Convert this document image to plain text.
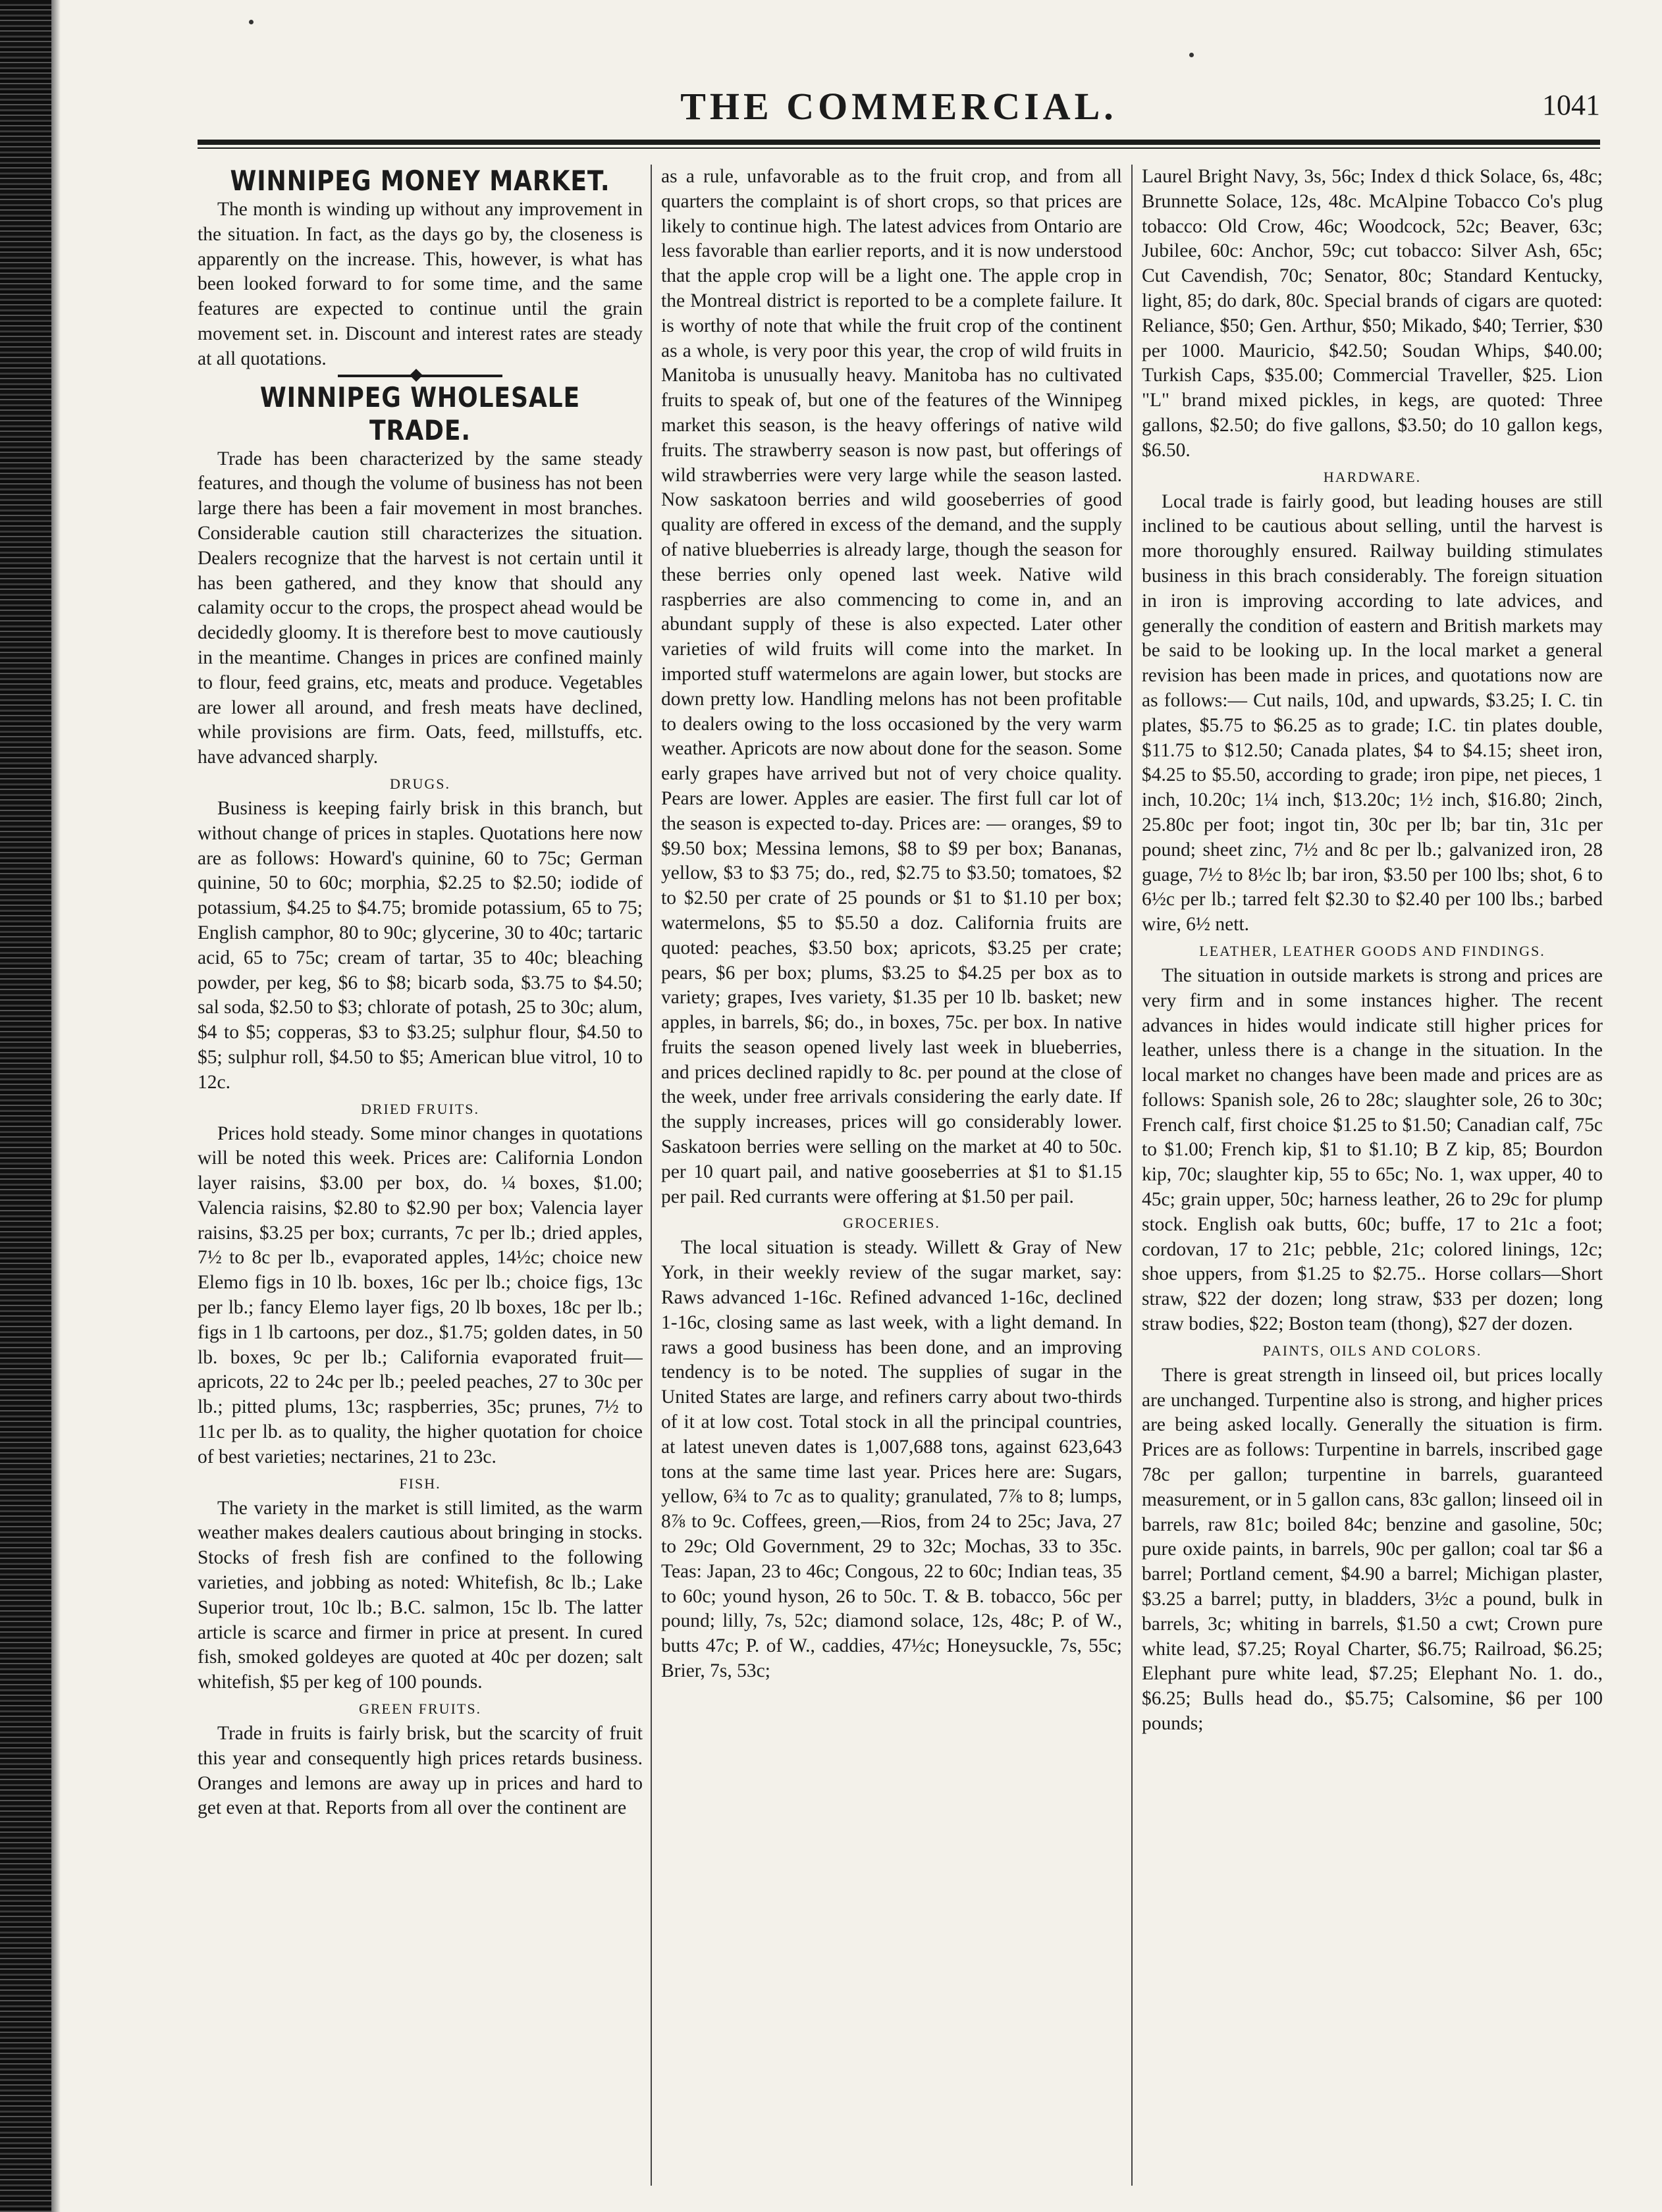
THE COMMERCIAL.	1041
WINNIPEG MONEY MARKET.

The month is winding up without any improvement in the situation. In fact, as the days go by, the closeness is apparently on the increase. This, however, is what has been looked forward to for some time, and the same features are expected to continue until the grain movement set. in. Discount and interest rates are steady at all quotations.

WINNIPEG WHOLESALE TRADE.

Trade has been characterized by the same steady features, and though the volume of business has not been large there has been a fair movement in most branches. Considerable caution still characterizes the situation. Dealers recognize that the harvest is not certain until it has been gathered, and they know that should any calamity occur to the crops, the prospect ahead would be decidedly gloomy. It is therefore best to move cautiously in the meantime. Changes in prices are confined mainly to flour, feed grains, etc, meats and produce. Vegetables are lower all around, and fresh meats have declined, while provisions are firm. Oats, feed, millstuffs, etc. have advanced sharply.

DRUGS.

Business is keeping fairly brisk in this branch, but without change of prices in staples. Quotations here now are as follows: Howard's quinine, 60 to 75c; German quinine, 50 to 60c; morphia, $2.25 to $2.50; iodide of potassium, $4.25 to $4.75; bromide potassium, 65 to 75; English camphor, 80 to 90c; glycerine, 30 to 40c; tartaric acid, 65 to 75c; cream of tartar, 35 to 40c; bleaching powder, per keg, $6 to $8; bicarb soda, $3.75 to $4.50; sal soda, $2.50 to $3; chlorate of potash, 25 to 30c; alum, $4 to $5; copperas, $3 to $3.25; sulphur flour, $4.50 to $5; sulphur roll, $4.50 to $5; American blue vitrol, 10 to 12c.

DRIED FRUITS.

Prices hold steady. Some minor changes in quotations will be noted this week. Prices are: California London layer raisins, $3.00 per box, do. ¼ boxes, $1.00; Valencia raisins, $2.80 to $2.90 per box; Valencia layer raisins, $3.25 per box; currants, 7c per lb.; dried apples, 7½ to 8c per lb., evaporated apples, 14½c; choice new Elemo figs in 10 lb. boxes, 16c per lb.; choice figs, 13c per lb.; fancy Elemo layer figs, 20 lb boxes, 18c per lb.; figs in 1 lb cartoons, per doz., $1.75; golden dates, in 50 lb. boxes, 9c per lb.; California evaporated fruit—apricots, 22 to 24c per lb.; peeled peaches, 27 to 30c per lb.; pitted plums, 13c; raspberries, 35c; prunes, 7½ to 11c per lb. as to quality, the higher quotation for choice of best varieties; nectarines, 21 to 23c.

FISH.

The variety in the market is still limited, as the warm weather makes dealers cautious about bringing in stocks. Stocks of fresh fish are confined to the following varieties, and jobbing as noted: Whitefish, 8c lb.; Lake Superior trout, 10c lb.; B.C. salmon, 15c lb. The latter article is scarce and firmer in price at present. In cured fish, smoked goldeyes are quoted at 40c per dozen; salt whitefish, $5 per keg of 100 pounds.

GREEN FRUITS.

Trade in fruits is fairly brisk, but the scarcity of fruit this year and consequently high prices retards business. Oranges and lemons are away up in prices and hard to get even at that. Reports from all over the continent are

as a rule, unfavorable as to the fruit crop, and from all quarters the complaint is of short crops, so that prices are likely to continue high. The latest advices from Ontario are less favorable than earlier reports, and it is now understood that the apple crop will be a light one. The apple crop in the Montreal district is reported to be a complete failure. It is worthy of note that while the fruit crop of the continent as a whole, is very poor this year, the crop of wild fruits in Manitoba is unusually heavy. Manitoba has no cultivated fruits to speak of, but one of the features of the Winnipeg market this season, is the heavy offerings of native wild fruits. The strawberry season is now past, but offerings of wild strawberries were very large while the season lasted. Now saskatoon berries and wild gooseberries of good quality are offered in excess of the demand, and the supply of native blueberries is already large, though the season for these berries only opened last week. Native wild raspberries are also commencing to come in, and an abundant supply of these is also expected. Later other varieties of wild fruits will come into the market. In imported stuff watermelons are again lower, but stocks are down pretty low. Handling melons has not been profitable to dealers owing to the loss occasioned by the very warm weather. Apricots are now about done for the season. Some early grapes have arrived but not of very choice quality. Pears are lower. Apples are easier. The first full car lot of the season is expected to-day. Prices are: — oranges, $9 to $9.50 box; Messina lemons, $8 to $9 per box; Bananas, yellow, $3 to $3 75; do., red, $2.75 to $3.50; tomatoes, $2 to $2.50 per crate of 25 pounds or $1 to $1.10 per box; watermelons, $5 to $5.50 a doz. California fruits are quoted: peaches, $3.50 box; apricots, $3.25 per crate; pears, $6 per box; plums, $3.25 to $4.25 per box as to variety; grapes, Ives variety, $1.35 per 10 lb. basket; new apples, in barrels, $6; do., in boxes, 75c. per box. In native fruits the season opened lively last week in blueberries, and prices declined rapidly to 8c. per pound at the close of the week, under free arrivals considering the early date. If the supply increases, prices will go considerably lower. Saskatoon berries were selling on the market at 40 to 50c. per 10 quart pail, and native gooseberries at $1 to $1.15 per pail. Red currants were offering at $1.50 per pail.

GROCERIES.

The local situation is steady. Willett & Gray of New York, in their weekly review of the sugar market, say: Raws advanced 1-16c. Refined advanced 1-16c, declined 1-16c, closing same as last week, with a light demand. In raws a good business has been done, and an improving tendency is to be noted. The supplies of sugar in the United States are large, and refiners carry about two-thirds of it at low cost. Total stock in all the principal countries, at latest uneven dates is 1,007,688 tons, against 623,643 tons at the same time last year. Prices here are: Sugars, yellow, 6¾ to 7c as to quality; granulated, 7⅞ to 8; lumps, 8⅞ to 9c. Coffees, green,—Rios, from 24 to 25c; Java, 27 to 29c; Old Government, 29 to 32c; Mochas, 33 to 35c. Teas: Japan, 23 to 46c; Congous, 22 to 60c; Indian teas, 35 to 60c; yound hyson, 26 to 50c. T. & B. tobacco, 56c per pound; lilly, 7s, 52c; diamond solace, 12s, 48c; P. of W., butts 47c; P. of W., caddies, 47½c; Honeysuckle, 7s, 55c; Brier, 7s, 53c;

Laurel Bright Navy, 3s, 56c; Index d thick Solace, 6s, 48c; Brunnette Solace, 12s, 48c. McAlpine Tobacco Co's plug tobacco: Old Crow, 46c; Woodcock, 52c; Beaver, 63c; Jubilee, 60c: Anchor, 59c; cut tobacco: Silver Ash, 65c; Cut Cavendish, 70c; Senator, 80c; Standard Kentucky, light, 85; do dark, 80c. Special brands of cigars are quoted: Reliance, $50; Gen. Arthur, $50; Mikado, $40; Terrier, $30 per 1000. Mauricio, $42.50; Soudan Whips, $40.00; Turkish Caps, $35.00; Commercial Traveller, $25. Lion "L" brand mixed pickles, in kegs, are quoted: Three gallons, $2.50; do five gallons, $3.50; do 10 gallon kegs, $6.50.

HARDWARE.

Local trade is fairly good, but leading houses are still inclined to be cautious about selling, until the harvest is more thoroughly ensured. Railway building stimulates business in this brach considerably. The foreign situation in iron is improving according to late advices, and generally the condition of eastern and British markets may be said to be looking up. In the local market a general revision has been made in prices, and quotations now are as follows:— Cut nails, 10d, and upwards, $3.25; I. C. tin plates, $5.75 to $6.25 as to grade; I.C. tin plates double, $11.75 to $12.50; Canada plates, $4 to $4.15; sheet iron, $4.25 to $5.50, according to grade; iron pipe, net pieces, 1 inch, 10.20c; 1¼ inch, $13.20c; 1½ inch, $16.80; 2inch, 25.80c per foot; ingot tin, 30c per lb; bar tin, 31c per pound; sheet zinc, 7½ and 8c per lb.; galvanized iron, 28 guage, 7½ to 8½c lb; bar iron, $3.50 per 100 lbs; shot, 6 to 6½c per lb.; tarred felt $2.30 to $2.40 per 100 lbs.; barbed wire, 6½ nett.

LEATHER, LEATHER GOODS AND FINDINGS.

The situation in outside markets is strong and prices are very firm and in some instances higher. The recent advances in hides would indicate still higher prices for leather, unless there is a change in the situation. In the local market no changes have been made and prices are as follows: Spanish sole, 26 to 28c; slaughter sole, 26 to 30c; French calf, first choice $1.25 to $1.50; Canadian calf, 75c to $1.00; French kip, $1 to $1.10; B Z kip, 85; Bourdon kip, 70c; slaughter kip, 55 to 65c; No. 1, wax upper, 40 to 45c; grain upper, 50c; harness leather, 26 to 29c for plump stock. English oak butts, 60c; buffe, 17 to 21c a foot; cordovan, 17 to 21c; pebble, 21c; colored linings, 12c; shoe uppers, from $1.25 to $2.75.. Horse collars—Short straw, $22 der dozen; long straw, $33 per dozen; long straw bodies, $22; Boston team (thong), $27 der dozen.

PAINTS, OILS AND COLORS.

There is great strength in linseed oil, but prices locally are unchanged. Turpentine also is strong, and higher prices are being asked locally. Generally the situation is firm. Prices are as follows: Turpentine in barrels, inscribed gage 78c per gallon; turpentine in barrels, guaranteed measurement, or in 5 gallon cans, 83c gallon; linseed oil in barrels, raw 81c; boiled 84c; benzine and gasoline, 50c; pure oxide paints, in barrels, 90c per gallon; coal tar $6 a barrel; Portland cement, $4.90 a barrel; Michigan plaster, $3.25 a barrel; putty, in bladders, 3½c a pound, bulk in barrels, 3c; whiting in barrels, $1.50 a cwt; Crown pure white lead, $7.25; Royal Charter, $6.75; Railroad, $6.25; Elephant pure white lead, $7.25; Elephant No. 1. do., $6.25; Bulls head do., $5.75; Calsomine, $6 per 100 pounds;
